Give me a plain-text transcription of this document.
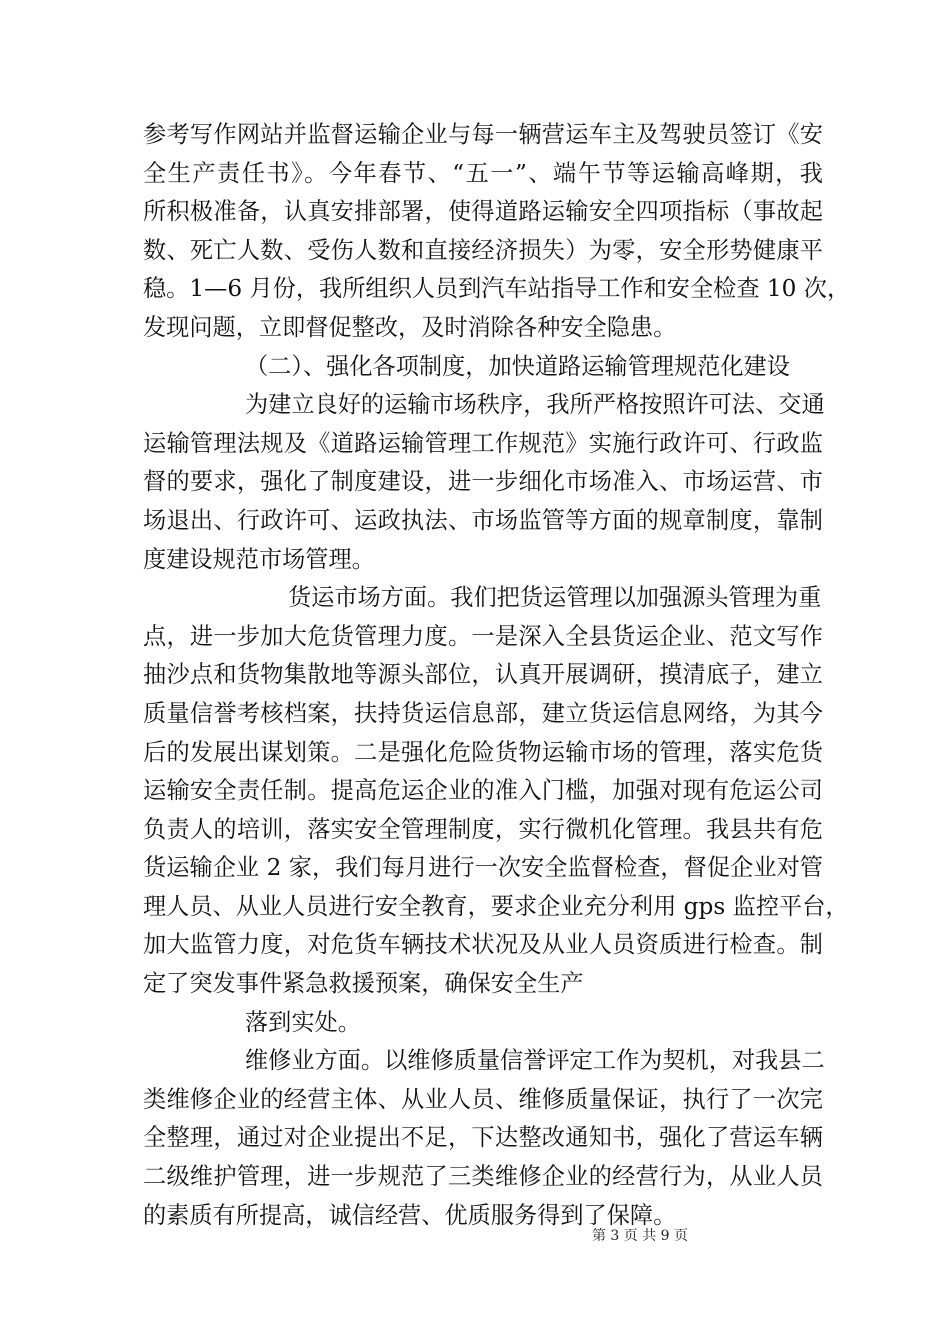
参考写作网站并监督运输企业与每一辆营运车主及驾驶员签订《安
全生产责任书》。今年春节、“五一”、端午节等运输高峰期，我
所积极准备，认真安排部署，使得道路运输安全四项指标（事故起
数、死亡人数、受伤人数和直接经济损失）为零，安全形势健康平
稳。1—6 月份，我所组织人员到汽车站指导工作和安全检查 10 次，
发现问题，立即督促整改，及时消除各种安全隐患。
（二）、强化各项制度，加快道路运输管理规范化建设
为建立良好的运输市场秩序，我所严格按照许可法、交通
运输管理法规及《道路运输管理工作规范》实施行政许可、行政监
督的要求，强化了制度建设，进一步细化市场准入、市场运营、市
场退出、行政许可、运政执法、市场监管等方面的规章制度，靠制
度建设规范市场管理。
货运市场方面。我们把货运管理以加强源头管理为重
点，进一步加大危货管理力度。一是深入全县货运企业、范文写作
抽沙点和货物集散地等源头部位，认真开展调研，摸清底子，建立
质量信誉考核档案，扶持货运信息部，建立货运信息网络，为其今
后的发展出谋划策。二是强化危险货物运输市场的管理，落实危货
运输安全责任制。提高危运企业的准入门槛，加强对现有危运公司
负责人的培训，落实安全管理制度，实行微机化管理。我县共有危
货运输企业 2 家，我们每月进行一次安全监督检查，督促企业对管
理人员、从业人员进行安全教育，要求企业充分利用 gps 监控平台，
加大监管力度，对危货车辆技术状况及从业人员资质进行检查。制
定了突发事件紧急救援预案，确保安全生产
落到实处。
维修业方面。以维修质量信誉评定工作为契机，对我县二
类维修企业的经营主体、从业人员、维修质量保证，执行了一次完
全整理，通过对企业提出不足，下达整改通知书，强化了营运车辆
二级维护管理，进一步规范了三类维修企业的经营行为，从业人员
的素质有所提高，诚信经营、优质服务得到了保障。
第 3 页 共 9 页
